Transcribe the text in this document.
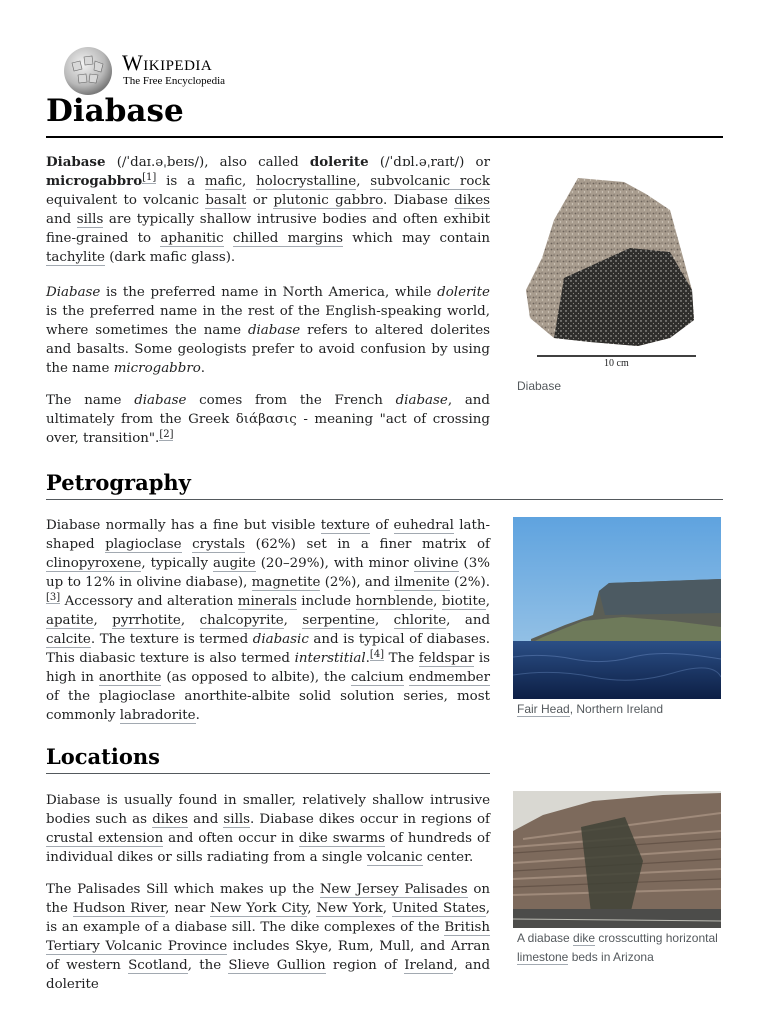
Wikipedia
The Free Encyclopedia
Diabase

Diabase (/ˈdaɪ.əˌbeɪs/), also called dolerite (/ˈdɒl.əˌraɪt/) or microgabbro[1] is a mafic, holocrystalline, subvolcanic rock equivalent to volcanic basalt or plutonic gabbro. Diabase dikes and sills are typically shallow intrusive bodies and often exhibit fine-grained to aphanitic chilled margins which may contain tachylite (dark mafic glass).

Diabase is the preferred name in North America, while dolerite is the preferred name in the rest of the English-speaking world, where sometimes the name diabase refers to altered dolerites and basalts. Some geologists prefer to avoid confusion by using the name microgabbro.

The name diabase comes from the French diabase, and ultimately from the Greek διάβασις - meaning "act of crossing over, transition".[2]

10 cm
Diabase
Petrography

Diabase normally has a fine but visible texture of euhedral lath-shaped plagioclase crystals (62%) set in a finer matrix of clinopyroxene, typically augite (20–29%), with minor olivine (3% up to 12% in olivine diabase), magnetite (2%), and ilmenite (2%).[3] Accessory and alteration minerals include hornblende, biotite, apatite, pyrrhotite, chalcopyrite, serpentine, chlorite, and calcite. The texture is termed diabasic and is typical of diabases. This diabasic texture is also termed interstitial.[4] The feldspar is high in anorthite (as opposed to albite), the calcium endmember of the plagioclase anorthite-albite solid solution series, most commonly labradorite.	Fair Head, Northern Ireland
Locations

Diabase is usually found in smaller, relatively shallow intrusive bodies such as dikes and sills. Diabase dikes occur in regions of crustal extension and often occur in dike swarms of hundreds of individual dikes or sills radiating from a single volcanic center.

The Palisades Sill which makes up the New Jersey Palisades on the Hudson River, near New York City, New York, United States, is an example of a diabase sill. The dike complexes of the British Tertiary Volcanic Province includes Skye, Rum, Mull, and Arran of western Scotland, the Slieve Gullion region of Ireland, and dolerite

A diabase dike crosscutting horizontal limestone beds in Arizona
